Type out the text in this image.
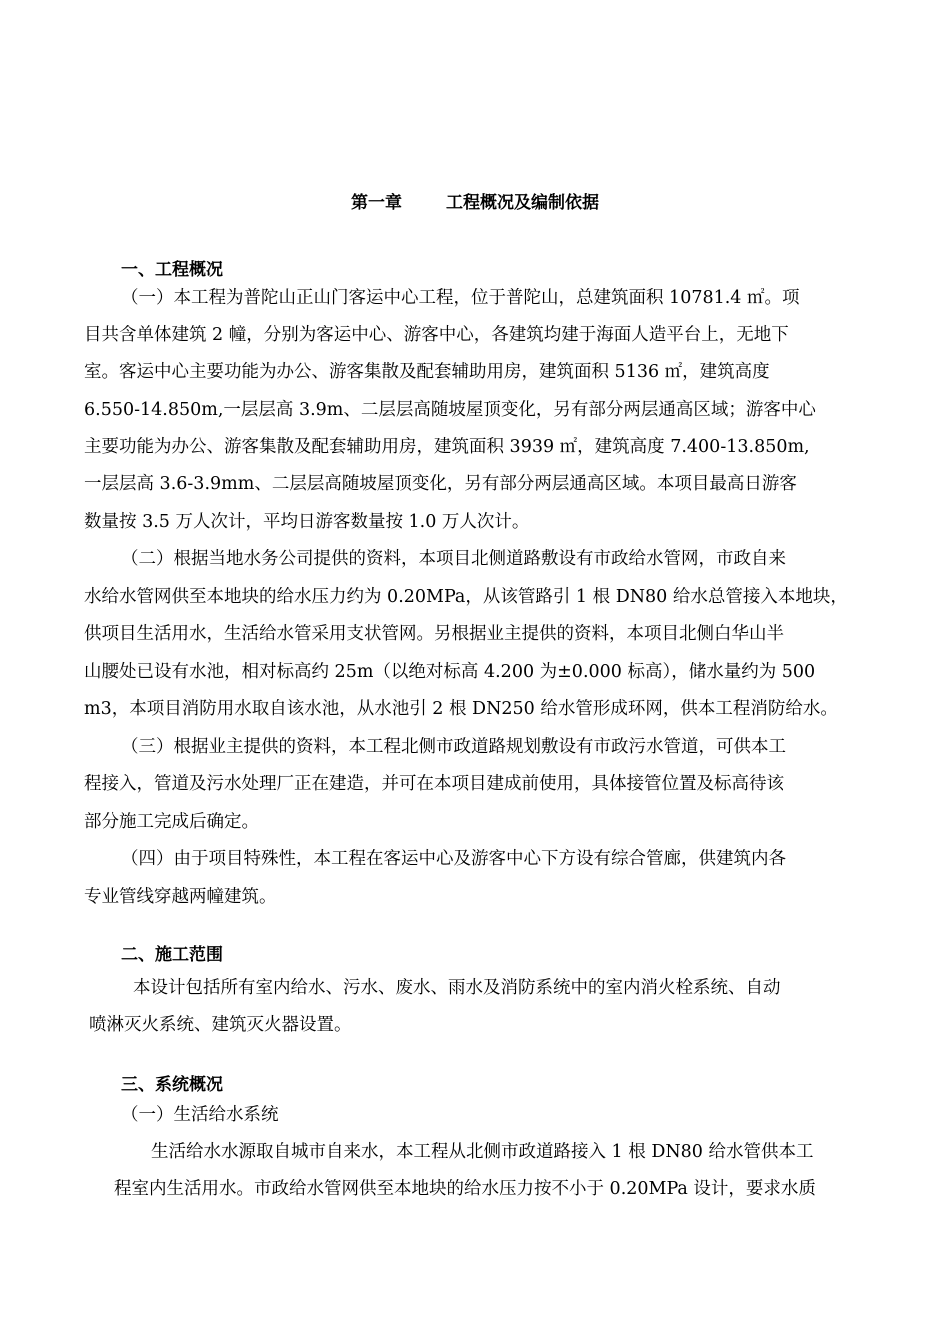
第一章	工程概况及编制依据
一、工程概况
（一）本工程为普陀山正山门客运中心工程，位于普陀山，总建筑面积 10781.4 ㎡。项
目共含单体建筑 2 幢，分别为客运中心、游客中心，各建筑均建于海面人造平台上，无地下
室。客运中心主要功能为办公、游客集散及配套辅助用房，建筑面积 5136 ㎡，建筑高度
6.550-14.850m,一层层高 3.9m、二层层高随坡屋顶变化，另有部分两层通高区域；游客中心
主要功能为办公、游客集散及配套辅助用房，建筑面积 3939 ㎡，建筑高度 7.400-13.850m,
一层层高 3.6-3.9mm、二层层高随坡屋顶变化，另有部分两层通高区域。本项目最高日游客
数量按 3.5 万人次计，平均日游客数量按 1.0 万人次计。
（二）根据当地水务公司提供的资料，本项目北侧道路敷设有市政给水管网，市政自来
水给水管网供至本地块的给水压力约为 0.20MPa，从该管路引 1 根 DN80 给水总管接入本地块，
供项目生活用水，生活给水管采用支状管网。另根据业主提供的资料，本项目北侧白华山半
山腰处已设有水池，相对标高约 25m（以绝对标高 4.200 为±0.000 标高），储水量约为 500
m3，本项目消防用水取自该水池，从水池引 2 根 DN250 给水管形成环网，供本工程消防给水。
（三）根据业主提供的资料，本工程北侧市政道路规划敷设有市政污水管道，可供本工
程接入，管道及污水处理厂正在建造，并可在本项目建成前使用，具体接管位置及标高待该
部分施工完成后确定。
（四）由于项目特殊性，本工程在客运中心及游客中心下方设有综合管廊，供建筑内各
专业管线穿越两幢建筑。
二、施工范围
本设计包括所有室内给水、污水、废水、雨水及消防系统中的室内消火栓系统、自动
喷淋灭火系统、建筑灭火器设置。
三、系统概况
（一）生活给水系统
生活给水水源取自城市自来水，本工程从北侧市政道路接入 1 根 DN80 给水管供本工
程室内生活用水。市政给水管网供至本地块的给水压力按不小于 0.20MPa 设计，要求水质
